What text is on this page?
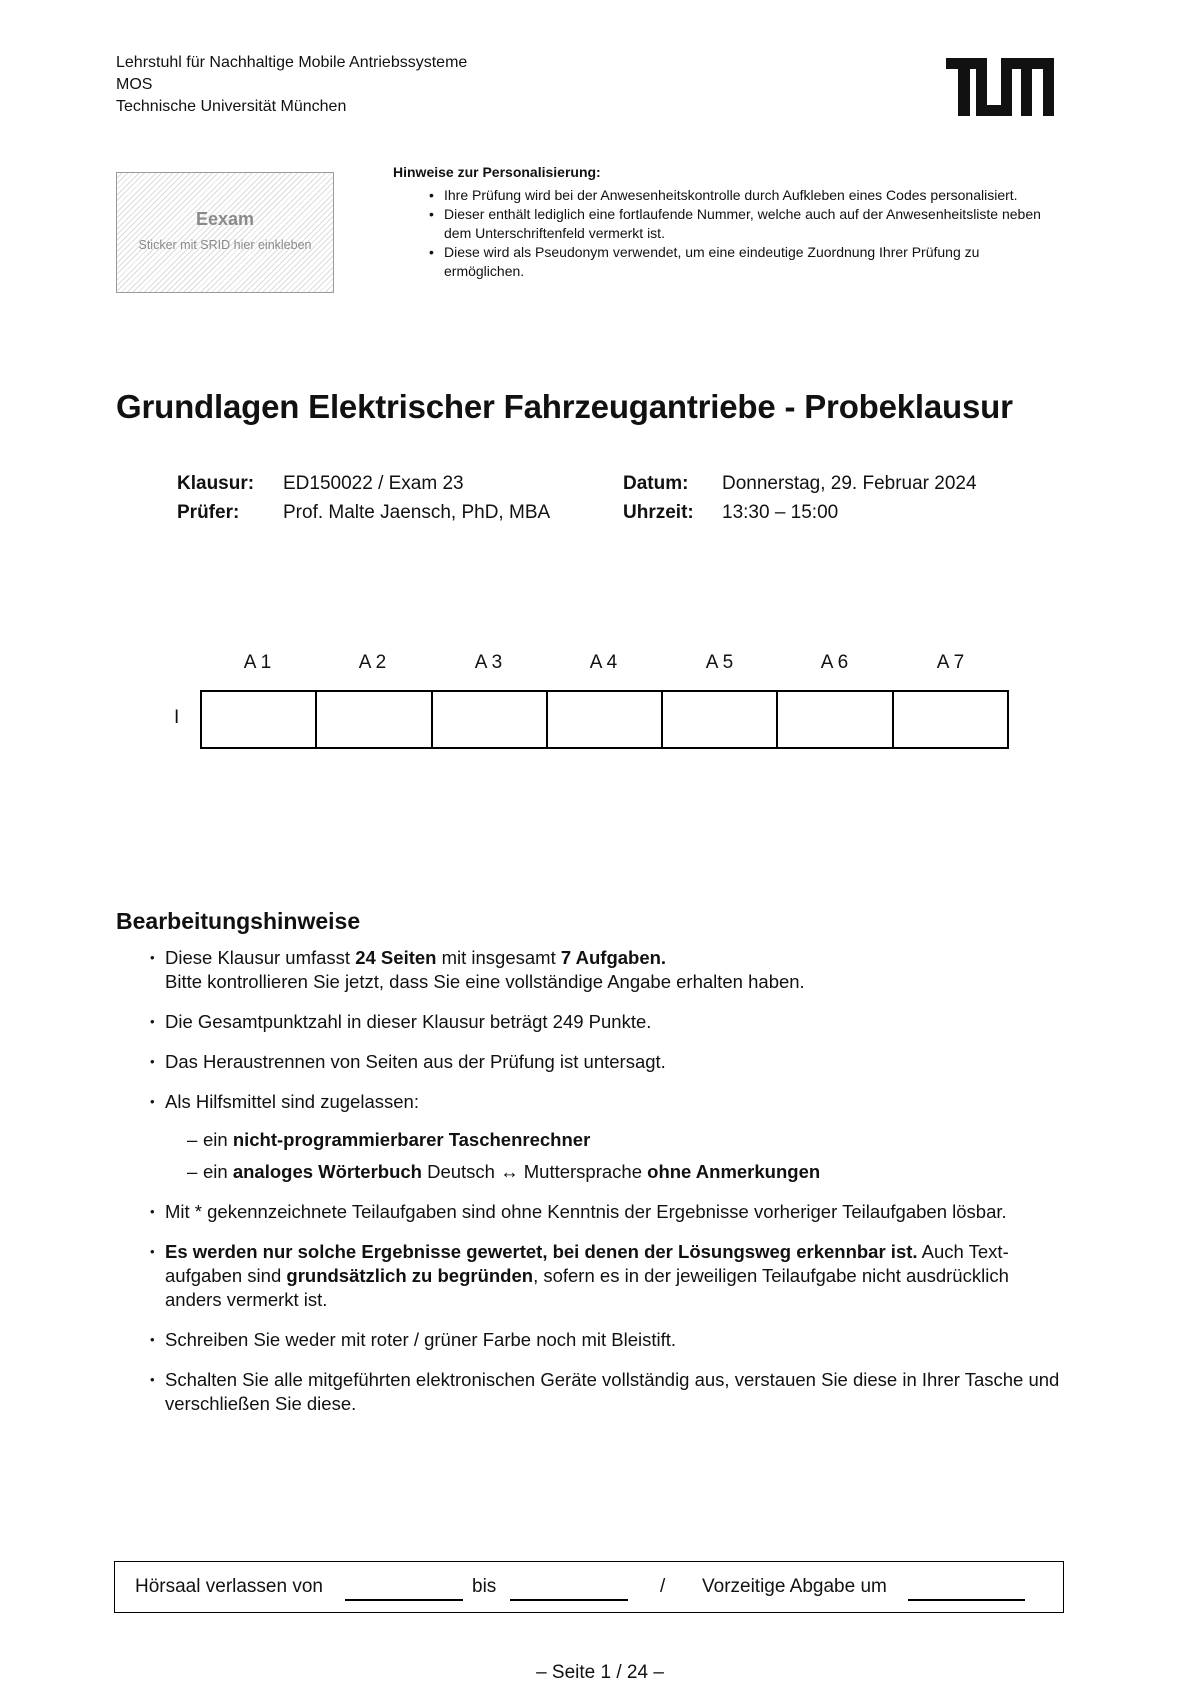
Lehrstuhl für Nachhaltige Mobile Antriebssysteme
MOS
Technische Universität München
Eexam
Sticker mit SRID hier einkleben
Hinweise zur Personalisierung:
• Ihre Prüfung wird bei der Anwesenheitskontrolle durch Aufkleben eines Codes personalisiert.
• Dieser enthält lediglich eine fortlaufende Nummer, welche auch auf der Anwesenheitsliste neben dem Unterschriftenfeld vermerkt ist.
• Diese wird als Pseudonym verwendet, um eine eindeutige Zuordnung Ihrer Prüfung zu ermöglichen.
Grundlagen Elektrischer Fahrzeugantriebe - Probeklausur
Klausur:	ED150022 / Exam 23	Datum:	Donnerstag, 29. Februar 2024
Prüfer:	Prof. Malte Jaensch, PhD, MBA	Uhrzeit:	13:30 – 15:00
A 1	A 2	A 3	A 4	A 5	A 6	A 7
I
Bearbeitungshinweise
• Diese Klausur umfasst 24 Seiten mit insgesamt 7 Aufgaben.
Bitte kontrollieren Sie jetzt, dass Sie eine vollständige Angabe erhalten haben.
• Die Gesamtpunktzahl in dieser Klausur beträgt 249 Punkte.
• Das Heraustrennen von Seiten aus der Prüfung ist untersagt.
• Als Hilfsmittel sind zugelassen:
– ein nicht-programmierbarer Taschenrechner
– ein analoges Wörterbuch Deutsch ↔ Muttersprache ohne Anmerkungen
• Mit * gekennzeichnete Teilaufgaben sind ohne Kenntnis der Ergebnisse vorheriger Teilaufgaben lösbar.
• Es werden nur solche Ergebnisse gewertet, bei denen der Lösungsweg erkennbar ist. Auch Textaufgaben sind grundsätzlich zu begründen, sofern es in der jeweiligen Teilaufgabe nicht ausdrücklich anders vermerkt ist.
• Schreiben Sie weder mit roter / grüner Farbe noch mit Bleistift.
• Schalten Sie alle mitgeführten elektronischen Geräte vollständig aus, verstauen Sie diese in Ihrer Tasche und verschließen Sie diese.
Hörsaal verlassen von	bis	/ Vorzeitige Abgabe um
– Seite 1 / 24 –
